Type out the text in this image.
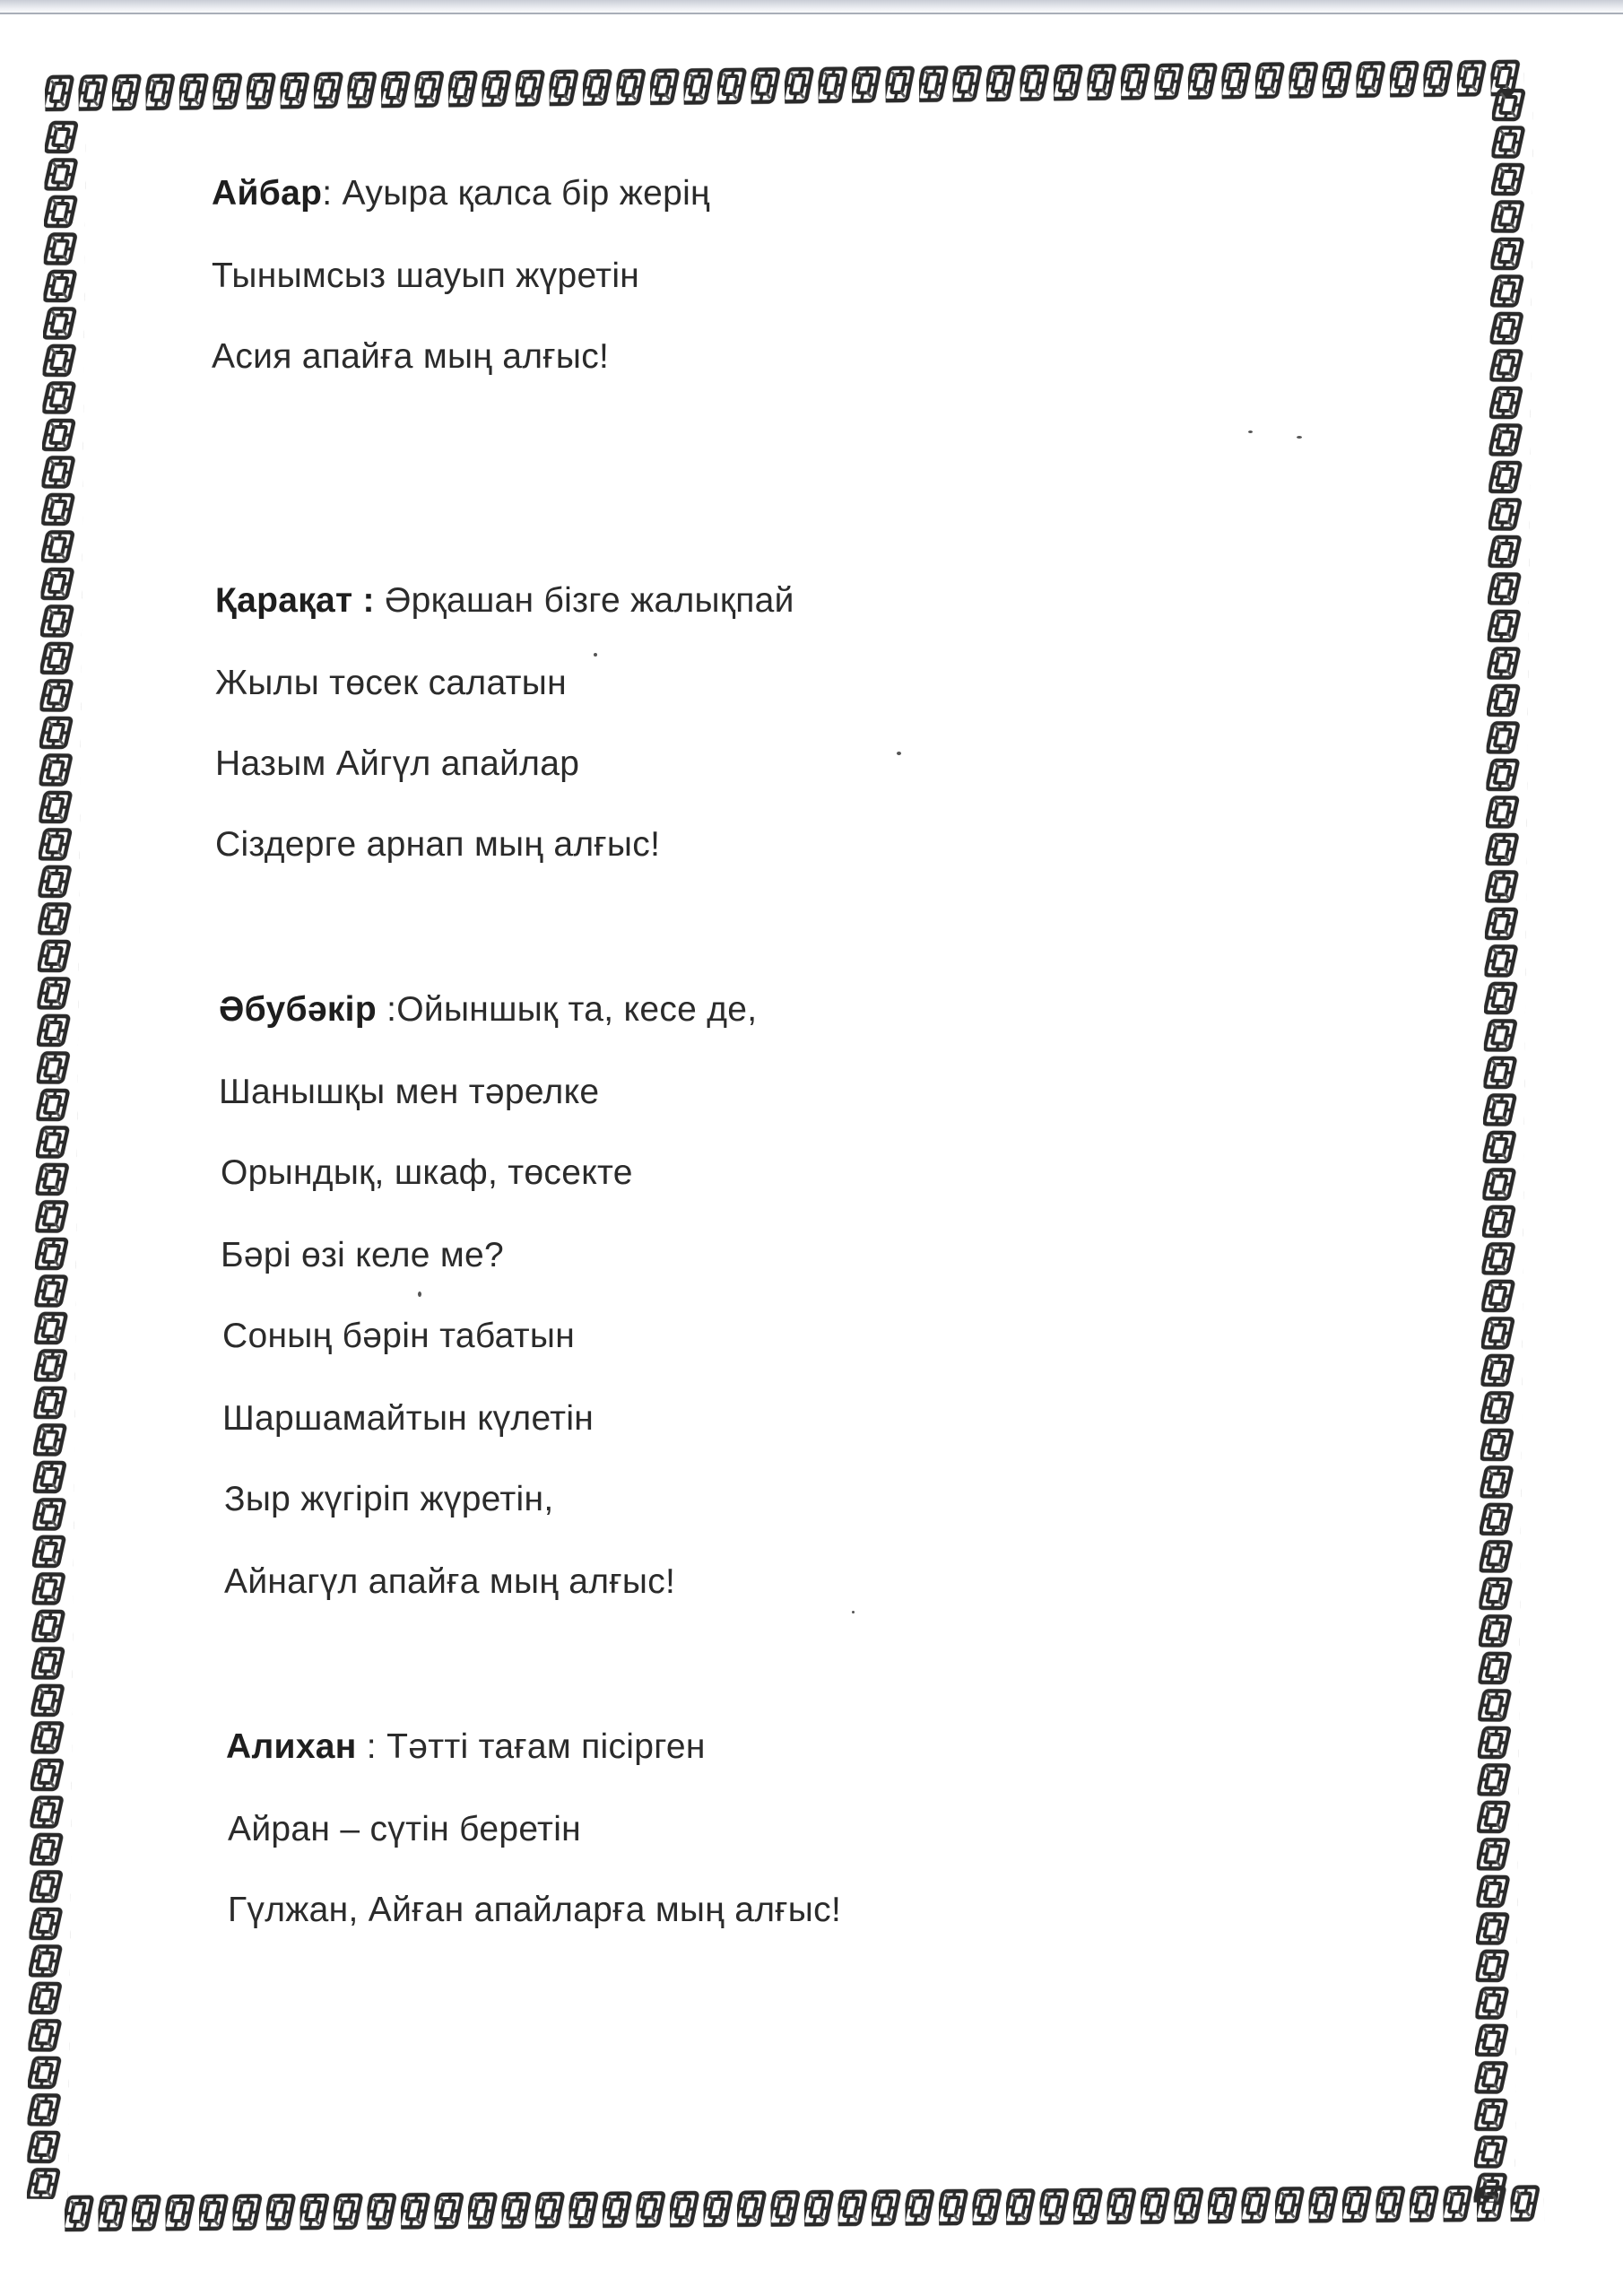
Айбар: Ауыра қалса бір жерің
Тынымсыз шауып жүретін
Асия апайға мың алғыс!
Қарақат : Әрқашан бізге жалықпай
Жылы төсек салатын
Назым Айгүл апайлар
Сіздерге арнап мың алғыс!
Әбубәкір :Ойыншық та, кесе де,
Шанышқы мен тәрелке
Орындық, шкаф, төсекте
Бәрі өзі келе ме?
Соның бәрін табатын
Шаршамайтын күлетін
Зыр жүгіріп жүретін,
Айнагүл апайға мың алғыс!
Алихан : Тәтті тағам пісірген
Айран – сүтін беретін
Гүлжан, Айған апайларға мың алғыс!
